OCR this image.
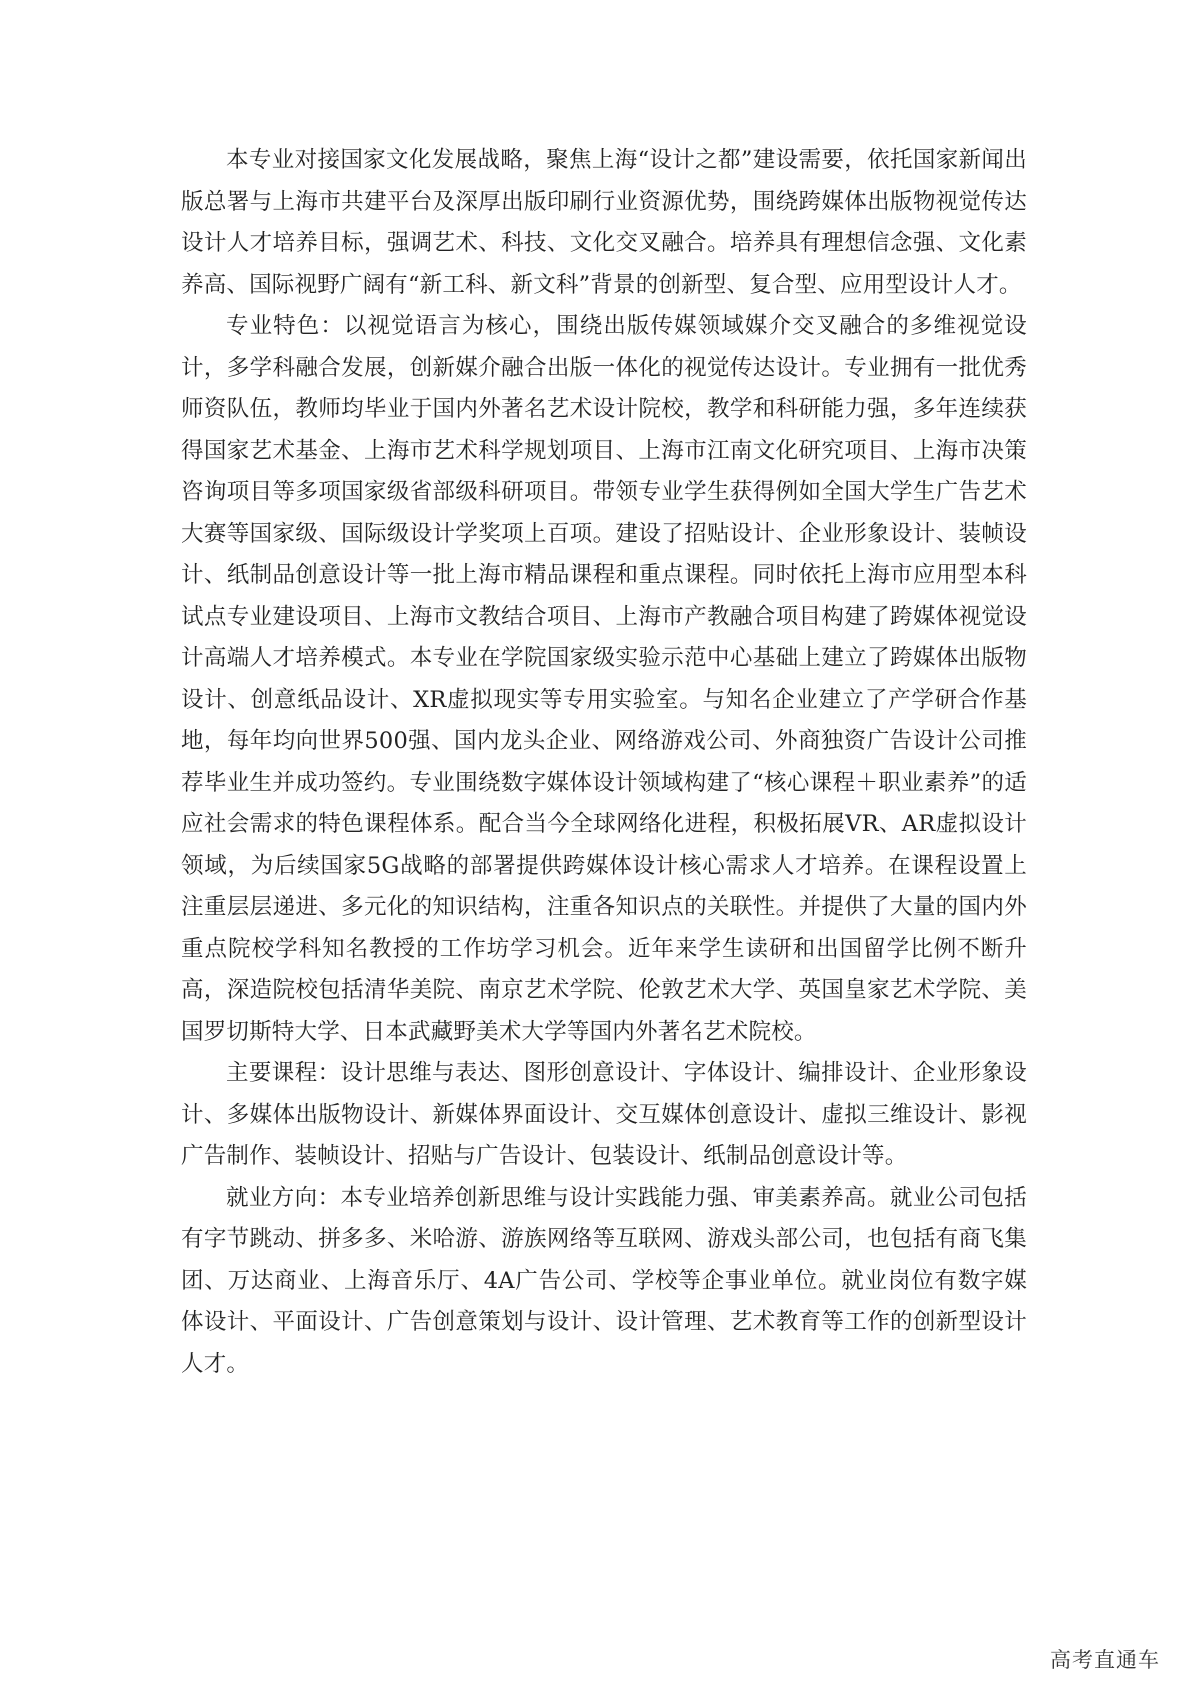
本专业对接国家文化发展战略，聚焦上海“设计之都”建设需要，依托国家新闻出版总署与上海市共建平台及深厚出版印刷行业资源优势，围绕跨媒体出版物视觉传达设计人才培养目标，强调艺术、科技、文化交叉融合。培养具有理想信念强、文化素养高、国际视野广阔有“新工科、新文科”背景的创新型、复合型、应用型设计人才。

专业特色：以视觉语言为核心，围绕出版传媒领域媒介交叉融合的多维视觉设计，多学科融合发展，创新媒介融合出版一体化的视觉传达设计。专业拥有一批优秀师资队伍，教师均毕业于国内外著名艺术设计院校，教学和科研能力强，多年连续获得国家艺术基金、上海市艺术科学规划项目、上海市江南文化研究项目、上海市决策咨询项目等多项国家级省部级科研项目。带领专业学生获得例如全国大学生广告艺术大赛等国家级、国际级设计学奖项上百项。建设了招贴设计、企业形象设计、装帧设计、纸制品创意设计等一批上海市精品课程和重点课程。同时依托上海市应用型本科试点专业建设项目、上海市文教结合项目、上海市产教融合项目构建了跨媒体视觉设计高端人才培养模式。本专业在学院国家级实验示范中心基础上建立了跨媒体出版物设计、创意纸品设计、XR虚拟现实等专用实验室。与知名企业建立了产学研合作基地，每年均向世界500强、国内龙头企业、网络游戏公司、外商独资广告设计公司推荐毕业生并成功签约。专业围绕数字媒体设计领域构建了“核心课程＋职业素养”的适应社会需求的特色课程体系。配合当今全球网络化进程，积极拓展VR、AR虚拟设计领域，为后续国家5G战略的部署提供跨媒体设计核心需求人才培养。在课程设置上注重层层递进、多元化的知识结构，注重各知识点的关联性。并提供了大量的国内外重点院校学科知名教授的工作坊学习机会。近年来学生读研和出国留学比例不断升高，深造院校包括清华美院、南京艺术学院、伦敦艺术大学、英国皇家艺术学院、美国罗切斯特大学、日本武藏野美术大学等国内外著名艺术院校。

主要课程：设计思维与表达、图形创意设计、字体设计、编排设计、企业形象设计、多媒体出版物设计、新媒体界面设计、交互媒体创意设计、虚拟三维设计、影视广告制作、装帧设计、招贴与广告设计、包装设计、纸制品创意设计等。

就业方向：本专业培养创新思维与设计实践能力强、审美素养高。就业公司包括有字节跳动、拼多多、米哈游、游族网络等互联网、游戏头部公司，也包括有商飞集团、万达商业、上海音乐厅、4A广告公司、学校等企事业单位。就业岗位有数字媒体设计、平面设计、广告创意策划与设计、设计管理、艺术教育等工作的创新型设计人才。

高考直通车
